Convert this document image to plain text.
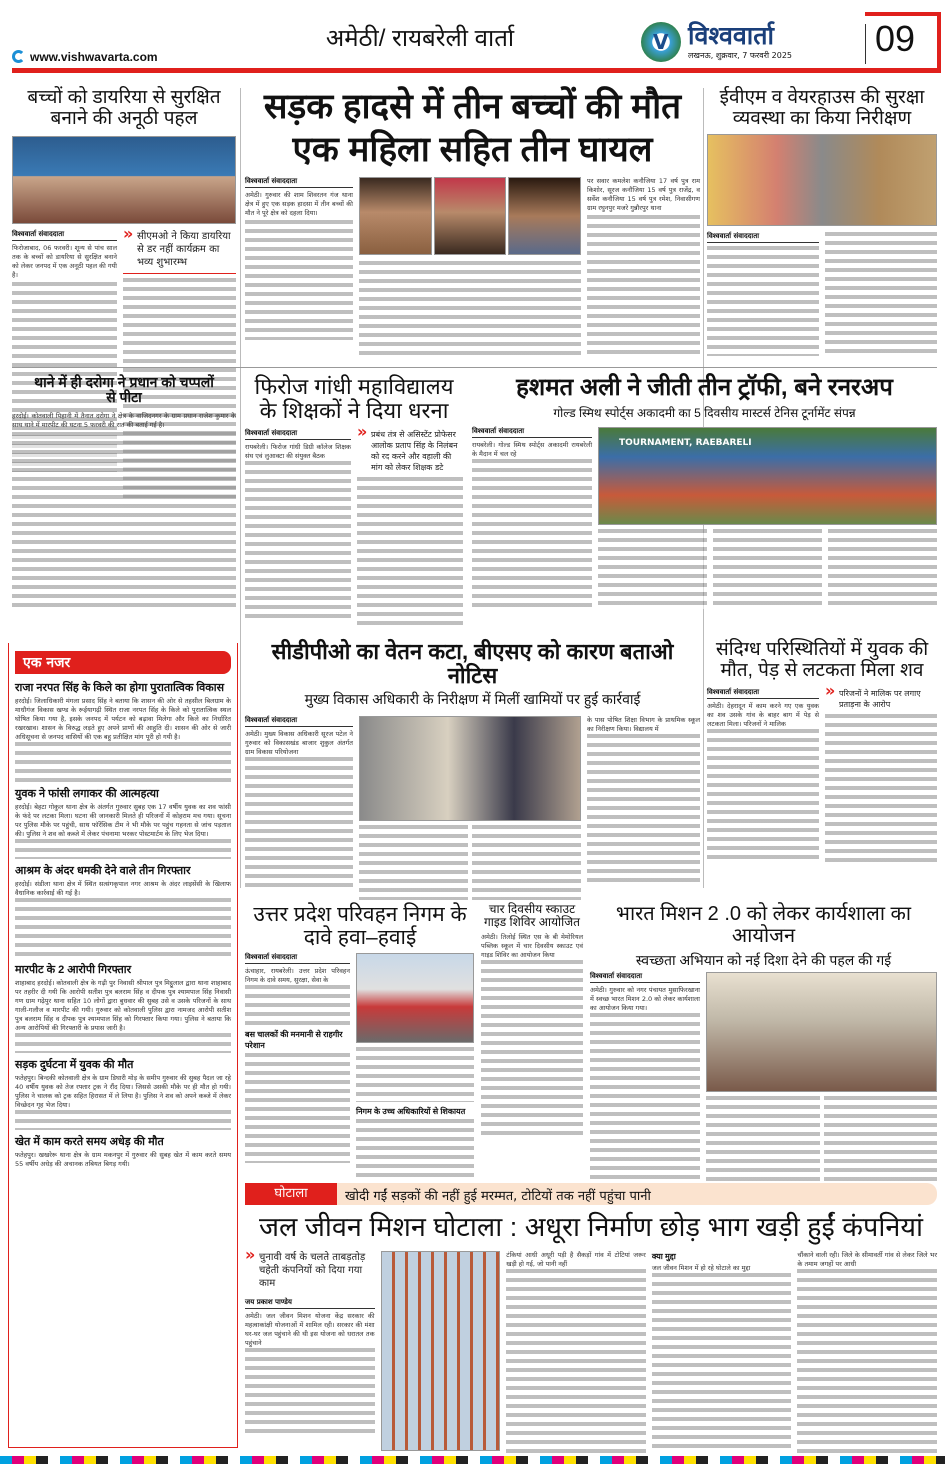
www.vishwavarta.com
अमेठी/ रायबरेली वार्ता	V विश्ववार्ता
लखनऊ, शुक्रवार, 7 फरवरी 2025 09
बच्चों को डायरिया से सुरक्षित बनाने की अनूठी पहल
विश्ववार्ता संवाददाता
फिरोजाबाद, 06 फरवरी। शून्य से पांच साल तक के बच्चों को डायरिया से सुरक्षित बनाने को लेकर जनपद में एक अनूठी पहल की गयी है।
» सीएमओ ने किया डायरिया से डर नहीं कार्यक्रम का भव्य शुभारम्भ
सड़क हादसे में तीन बच्चों की मौत
एक महिला सहित तीन घायल
विश्ववार्ता संवाददाता
अमेठी। गुरुवार की शाम शिवरतन गंज थाना क्षेत्र में हुए एक सड़क हादसा में तीन बच्चों की मौत ने पूरे क्षेत्र को दहला दिया।
पर सवार कमलेश कनौजिया 17 वर्ष पुत्र राम किशोर, सूरज कनौजिया 15 वर्ष पुत्र राजेंद्र, व सर्वेश कनौजिया 15 वर्ष पुत्र रमेश, निवासीगण ग्राम रघुनपुर मजरे गुन्नौरपुर थाना
ईवीएम व वेयरहाउस की सुरक्षा व्यवस्था का किया निरीक्षण
विश्ववार्ता संवाददाता
थाने में ही दरोगा ने प्रधान को चप्पलों से पीटा
हरदोई। कोतवाली पिहानी में तैनात दरोगा ने क्षेत्र के वाजिदनगर के ग्राम प्रधान राजेश कुमार के साथ थाने में मारपीट की घटना 5 फरवरी की रात की बताई गई है।
फिरोज गांधी महाविद्यालय के शिक्षकों ने दिया धरना
विश्ववार्ता संवाददाता
रायबरेली। फिरोज गांधी डिग्री कॉलेज शिक्षक संघ एवं लुआक्टा की संयुक्त बैठक
» प्रबंध तंत्र से असिस्टेंट प्रोफेसर आलोक प्रताप सिंह के निलंबन को रद करने और वहाली की मांग को लेकर शिक्षक डटे
हशमत अली ने जीती तीन ट्रॉफी, बने रनरअप
गोल्ड स्मिथ स्पोर्ट्स अकादमी का 5 दिवसीय मास्टर्स टेनिस टूर्नामेंट संपन्न
विश्ववार्ता संवाददाता
रायबरेली। गोल्ड स्मिथ स्पोर्ट्स अकादमी रायबरेली के मैदान में चल रहे
TOURNAMENT, RAEBARELI
एक नजर
राजा नरपत सिंह के किले का होगा पुरातात्विक विकास
हरदोई। जिलाधिकारी मंगला प्रसाद सिंह ने बताया कि शासन की ओर से तहसील बिलग्राम के माधौगंज विकास खण्ड के रूईयागढ़ी स्थित राजा नरपत सिंह के किले को पुरातात्विक स्थल घोषित किया गया है, इसके जनपद में पर्यटन को बढ़ावा मिलेगा और किले का निर्धारित रखरखाव। शासन के विरुद्ध लड़ते हुए अपने प्राणों की आहुति दी। शासन की ओर से जारी अधिसूचना से जनपद वासियों की एक बहु प्रतीक्षित मांग पूरी हो गयी है।
युवक ने फांसी लगाकर की आत्महत्या
हरदोई। बेहटा गोकुल थाना क्षेत्र के अंतर्गत गुरुवार सुबह एक 17 वर्षीय युवक का शव फांसी के फंदे पर लटका मिला। घटना की जानकारी मिलते ही परिजनों में कोहराम मच गया। सूचना पर पुलिस मौके पर पहुंची, साथ फॉरेंसिक टीम ने भी मौके पर पहुंच गहनता से जांच पड़ताल की। पुलिस ने शव को कब्जे में लेकर पंचनामा भरकर पोस्टमार्टम के लिए भेज दिया।
आश्रम के अंदर धमकी देने वाले तीन गिरफ्तार
हरदोई। संडीला थाना क्षेत्र में स्थित सत्संगकृपाल नगर आश्रम के अंदर लाइसेंसी के खिलाफ वैधानिक कार्रवाई की गई है।
मारपीट के 2 आरोपी गिरफ्तार
शाहाबाद हरदोई। कोतवाली क्षेत्र के गढ़ी पुर निवासी श्रीपाल पुत्र मिट्ठूलाल द्वारा थाना शाहाबाद पर तहरीर दी गयी कि आरोपी सतीश पुत्र बलराम सिंह व दीपक पुत्र श्यामपाल सिंह निवासी गण ग्राम गढ़ेपुर थाना सहित 10 लोगों द्वारा बुधवार की सुबह उसे व उसके परिजनों के साथ गाली-गलौज व मारपीट की गयी। गुरुवार को कोतवाली पुलिस द्वारा नामजद आरोपी सतीश पुत्र बलराम सिंह व दीपक पुत्र श्यामपाल सिंह को गिरफ्तार किया गया। पुलिस ने बताया कि अन्य आरोपियों की गिरफ्तारी के प्रयास जारी है।
सड़क दुर्घटना में युवक की मौत
फतेहपुर। बिन्दकी कोतवाली क्षेत्र के ग्राम डिघारी मोड़ के समीप गुरुवार की सुबह पैदल जा रहे 40 वर्षीय युवक को तेज रफ्तार ट्रक ने रौंद दिया। जिससे उसकी मौके पर ही मौत हो गयी। पुलिस ने चालक को ट्रक सहित हिरासत में ले लिया है। पुलिस ने शव को अपने कब्जे में लेकर विच्छेदन गृह भेज दिया।
खेत में काम करते समय अधेड़ की मौत
फतेहपुर। खखरेरू थाना क्षेत्र के ग्राम मकनपुर में गुरुवार की सुबह खेत में काम करते समय 55 वर्षीय अधेड़ की अचानक तबियत बिगड़ गयी।
सीडीपीओ का वेतन कटा, बीएसए को कारण बताओ नोटिस
मुख्य विकास अधिकारी के निरीक्षण में मिलीं खामियों पर हुई कार्रवाई
विश्ववार्ता संवाददाता
अमेठी। मुख्य विकास अधिकारी सूरज पटेल ने गुरुवार को विकासखंड बाजार शुकुल अंतर्गत ग्राम विकास परियोजना
के पास पोषित शिक्षा विभाग के प्राथमिक स्कूल का निरीक्षण किया। विद्यालय में
संदिग्ध परिस्थितियों में युवक की मौत, पेड़ से लटकता मिला शव
विश्ववार्ता संवाददाता
अमेठी। देहरादून में काम करने गए एक युवक का शव उसके गांव के बाहर बाग में पेड़ से लटकता मिला। परिजनों ने मालिक
» परिजनों ने मालिक पर लगाए प्रताड़ना के आरोप
उत्तर प्रदेश परिवहन निगम के दावे हवा–हवाई
विश्ववार्ता संवाददाता
ऊंचाहार, रायबरेली। उत्तर प्रदेश परिवहन निगम के दावे समय, सुरक्षा, सेवा के
बस चालकों की मनमानी से राहगीर परेशान
निगम के उच्च अधिकारियों से शिकायत
चार दिवसीय स्काउट गाइड शिविर आयोजित
अमेठी। तिलोई स्थित एस के बी मेमोरियल पब्लिक स्कूल में चार दिवसीय स्काउट एवं गाइड शिविर का आयोजन किया
भारत मिशन 2 .0 को लेकर कार्यशाला का आयोजन
स्वच्छता अभियान को नई दिशा देने की पहल की गई
विश्ववार्ता संवाददाता
अमेठी। गुरुवार को नगर पंचायत मुसाफिरखाना में स्वच्छ भारत मिशन 2.0 को लेकर कार्यशाला का आयोजन किया गया।
घोटाला	खोदी गईं सड़कों की नहीं हुई मरम्मत, टोटियों तक नहीं पहुंचा पानी
जल जीवन मिशन घोटाला : अधूरा निर्माण छोड़ भाग खड़ी हुईं कंपनियां
» चुनावी वर्ष के चलते ताबड़तोड़ चहेती कंपनियों को दिया गया काम
जय प्रकाश पाण्डेय
अमेठी। जल जीवन मिशन योजना केंद्र सरकार की महत्वाकांक्षी योजनाओं में शामिल रही। सरकार की मंशा घर-घर जल पहुंचाने की थी इस योजना को धरातल तक पहुंचाने
टंकियां आधी अधूरी पड़ी है सैकड़ों गांव में टोटियां जरूर खड़ी हो गई, जो पानी नहीं
क्या मुद्दा
जल जीवन मिशन में हो रहे घोटाले का मुद्दा
चौंकाने वाली रही। जिले के सीमावर्ती गांव से लेकर जिले भर के तमाम जगहों पर आधी
